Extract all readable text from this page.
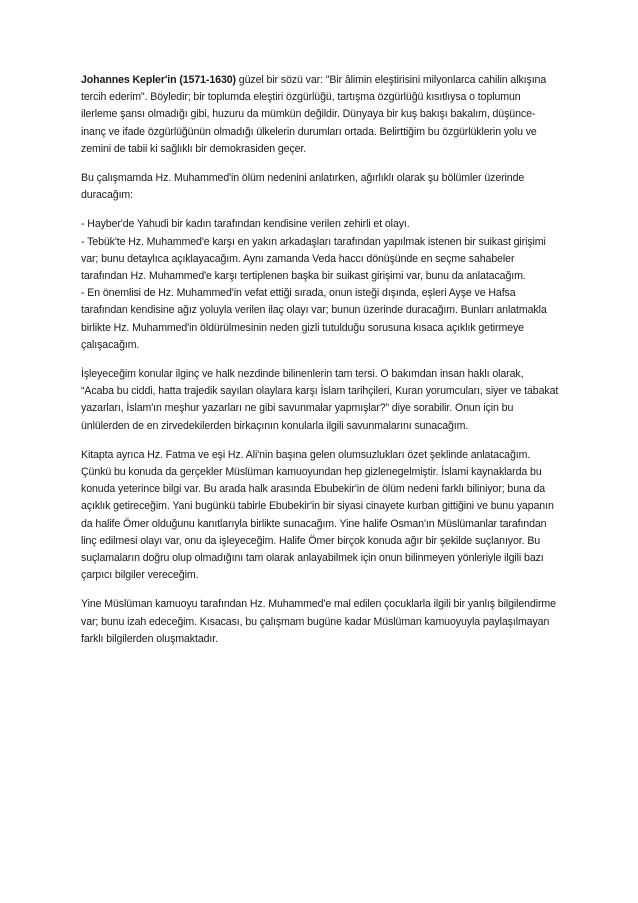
Johannes Kepler'in (1571-1630) güzel bir sözü var: "Bir âlimin eleştirisini milyonlarca cahilin alkışına tercih ederim". Böyledir; bir toplumda eleştiri özgürlüğü, tartışma özgürlüğü kısıtlıysa o toplumun ilerleme şansı olmadığı gibi, huzuru da mümkün değildir. Dünyaya bir kuş bakışı bakalım, düşünce-inanç ve ifade özgürlüğünün olmadığı ülkelerin durumları ortada. Belirttiğim bu özgürlüklerin yolu ve zemini de tabii ki sağlıklı bir demokrasiden geçer.

Bu çalışmamda Hz. Muhammed'in ölüm nedenini anlatırken, ağırlıklı olarak şu bölümler üzerinde duracağım:

- Hayber'de Yahudi bir kadın tarafından kendisine verilen zehirli et olayı.
- Tebük'te Hz. Muhammed'e karşı en yakın arkadaşları tarafından yapılmak istenen bir suikast girişimi var; bunu detaylıca açıklayacağım. Aynı zamanda Veda haccı dönüşünde en seçme sahabeler tarafından Hz. Muhammed'e karşı tertiplenen başka bir suikast girişimi var, bunu da anlatacağım.
- En önemlisi de Hz. Muhammed'in vefat ettiği sırada, onun isteği dışında, eşleri Ayşe ve Hafsa tarafından kendisine ağız yoluyla verilen ilaç olayı var; bunun üzerinde duracağım. Bunları anlatmakla birlikte Hz. Muhammed'in öldürülmesinin neden gizli tutulduğu sorusuna kısaca açıklık getirmeye çalışacağım.

İşleyeceğim konular ilginç ve halk nezdinde bilinenlerin tam tersi. O bakımdan insan haklı olarak, “Acaba bu ciddi, hatta trajedik sayılan olaylara karşı İslam tarihçileri, Kuran yorumcuları, siyer ve tabakat yazarları, İslam'ın meşhur yazarları ne gibi savunmalar yapmışlar?” diye sorabilir. Onun için bu ünlülerden de en zirvedekilerden birkaçının konularla ilgili savunmalarını sunacağım.

Kitapta ayrıca Hz. Fatma ve eşi Hz. Ali'nin başına gelen olumsuzlukları özet şeklinde anlatacağım. Çünkü bu konuda da gerçekler Müslüman kamuoyundan hep gizlenegelmiştir. İslami kaynaklarda bu konuda yeterince bilgi var. Bu arada halk arasında Ebubekir'in de ölüm nedeni farklı biliniyor; buna da açıklık getireceğim. Yani bugünkü tabirle Ebubekir'in bir siyasi cinayete kurban gittiğini ve bunu yapanın da halife Ömer olduğunu kanıtlarıyla birlikte sunacağım. Yine halife Osman'ın Müslümanlar tarafından linç edilmesi olayı var, onu da işleyeceğim. Halife Ömer birçok konuda ağır bir şekilde suçlanıyor. Bu suçlamaların doğru olup olmadığını tam olarak anlayabilmek için onun bilinmeyen yönleriyle ilgili bazı çarpıcı bilgiler vereceğim.

Yine Müslüman kamuoyu tarafından Hz. Muhammed'e mal edilen çocuklarla ilgili bir yanlış bilgilendirme var; bunu izah edeceğim. Kısacası, bu çalışmam bugüne kadar Müslüman kamuoyuyla paylaşılmayan farklı bilgilerden oluşmaktadır.
